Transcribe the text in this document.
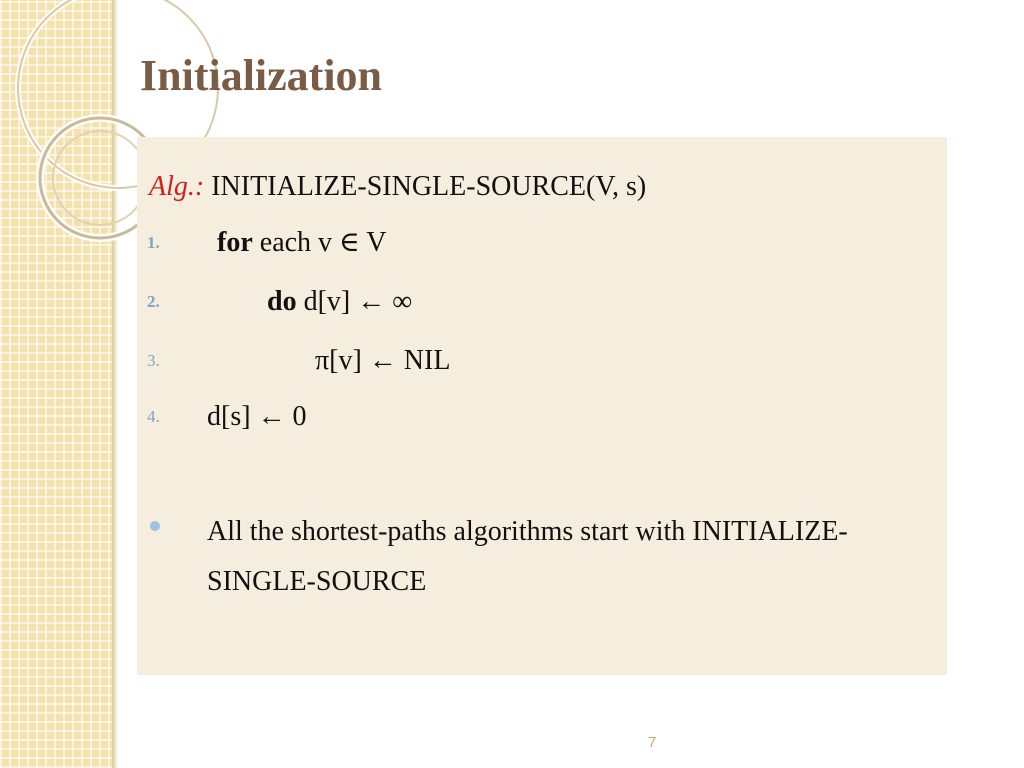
Initialization
Alg.: INITIALIZE-SINGLE-SOURCE(V, s)
1. for each v ∈ V
2.	do d[v] ← ∞
3.	π[v] ← NIL
4. d[s] ← 0
All the shortest-paths algorithms start with INITIALIZE-SINGLE-SOURCE
7
